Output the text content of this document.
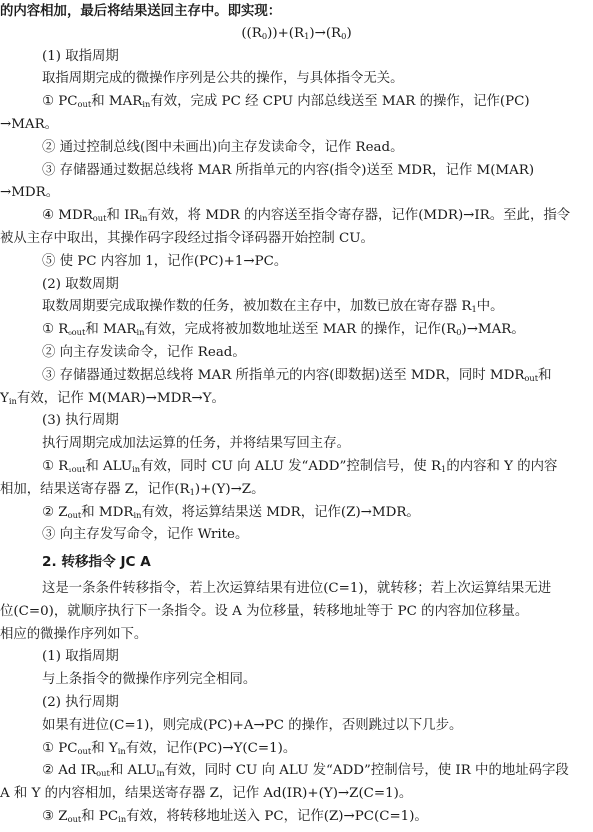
的内容相加，最后将结果送回主存中。即实现：
$((R_0))+(R_1)\to(R_0)$
(1) 取指周期
取指周期完成的微操作序列是公共的操作，与具体指令无关。
① $PC_{out}$和 $MAR_{in}$有效，完成 PC 经 CPU 内部总线送至 MAR 的操作，记作(PC)
→MAR。
② 通过控制总线(图中未画出)向主存发读命令，记作 Read。
③ 存储器通过数据总线将 MAR 所指单元的内容(指令)送至 MDR，记作 M(MAR)
→MDR。
④ $MDR_{out}$和 $IR_{in}$有效，将 MDR 的内容送至指令寄存器，记作(MDR)→IR。至此，指令
被从主存中取出，其操作码字段经过指令译码器开始控制 CU。
⑤ 使 PC 内容加 1，记作(PC)+1→PC。
(2) 取数周期
取数周期要完成取操作数的任务，被加数在主存中，加数已放在寄存器 $R_1$中。
① $R_{_0out}$和 $MAR_{in}$有效，完成将被加数地址送至 MAR 的操作，记作$(R_0)\to MAR$。
② 向主存发读命令，记作 Read。
③ 存储器通过数据总线将 MAR 所指单元的内容(即数据)送至 MDR，同时 $MDR_{out}$和
$Y_{in}$有效，记作 M(MAR)→MDR→Y。
(3) 执行周期
执行周期完成加法运算的任务，并将结果写回主存。
① $R_{_1out}$和 $ALU_{in}$有效，同时 CU 向 ALU 发“ADD”控制信号，使 $R_1$的内容和 Y 的内容
相加，结果送寄存器 Z，记作$(R_1)+(Y)\to Z$。
② $Z_{out}$和 $MDR_{in}$有效，将运算结果送 MDR，记作(Z)→MDR。
③ 向主存发写命令，记作 Write。
2. 转移指令 JC A
这是一条条件转移指令，若上次运算结果有进位(C=1)，就转移；若上次运算结果无进
位(C=0)，就顺序执行下一条指令。设 A 为位移量，转移地址等于 PC 的内容加位移量。
相应的微操作序列如下。
(1) 取指周期
与上条指令的微操作序列完全相同。
(2) 执行周期
如果有进位(C=1)，则完成(PC)+A→PC 的操作，否则跳过以下几步。
① $PC_{out}$和 $Y_{in}$有效，记作(PC)→Y(C=1)。
② Ad $IR_{out}$和 $ALU_{in}$有效，同时 CU 向 ALU 发“ADD”控制信号，使 IR 中的地址码字段
A 和 Y 的内容相加，结果送寄存器 Z，记作 Ad(IR)+(Y)→Z(C=1)。
③ $Z_{out}$和 $PC_{in}$有效，将转移地址送入 PC，记作(Z)→PC(C=1)。
